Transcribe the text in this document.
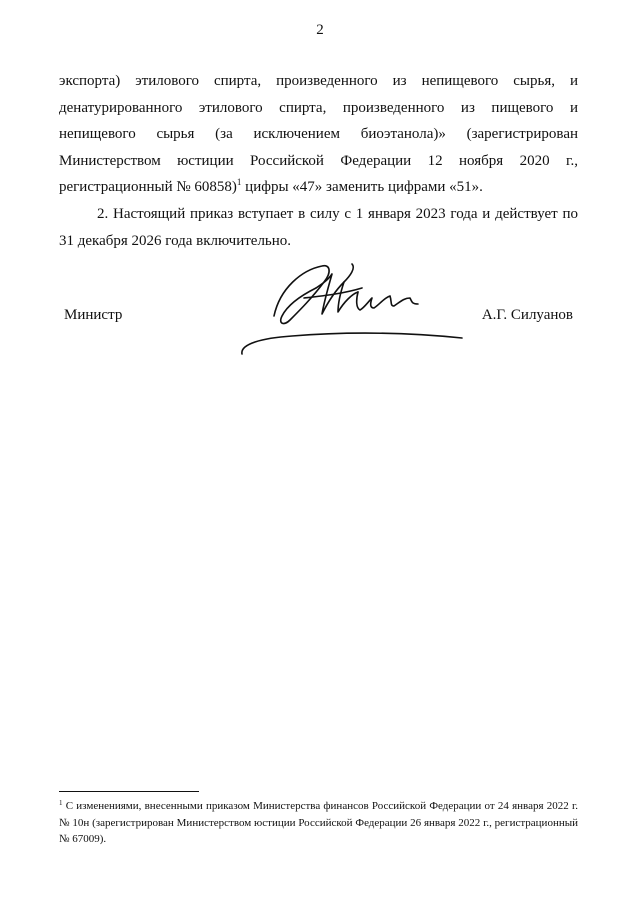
2

экспорта) этилового спирта, произведенного из непищевого сырья, и денатурированного этилового спирта, произведенного из пищевого и непищевого сырья (за исключением биоэтанола)» (зарегистрирован Министерством юстиции Российской Федерации 12 ноября 2020 г., регистрационный № 60858)$^1$ цифры «47» заменить цифрами «51».

2. Настоящий приказ вступает в силу с 1 января 2023 года и действует по 31 декабря 2026 года включительно.

Министр	А.Г. Силуанов
$^1$ С изменениями, внесенными приказом Министерства финансов Российской Федерации от 24 января 2022 г. № 10н (зарегистрирован Министерством юстиции Российской Федерации 26 января 2022 г., регистрационный № 67009).
